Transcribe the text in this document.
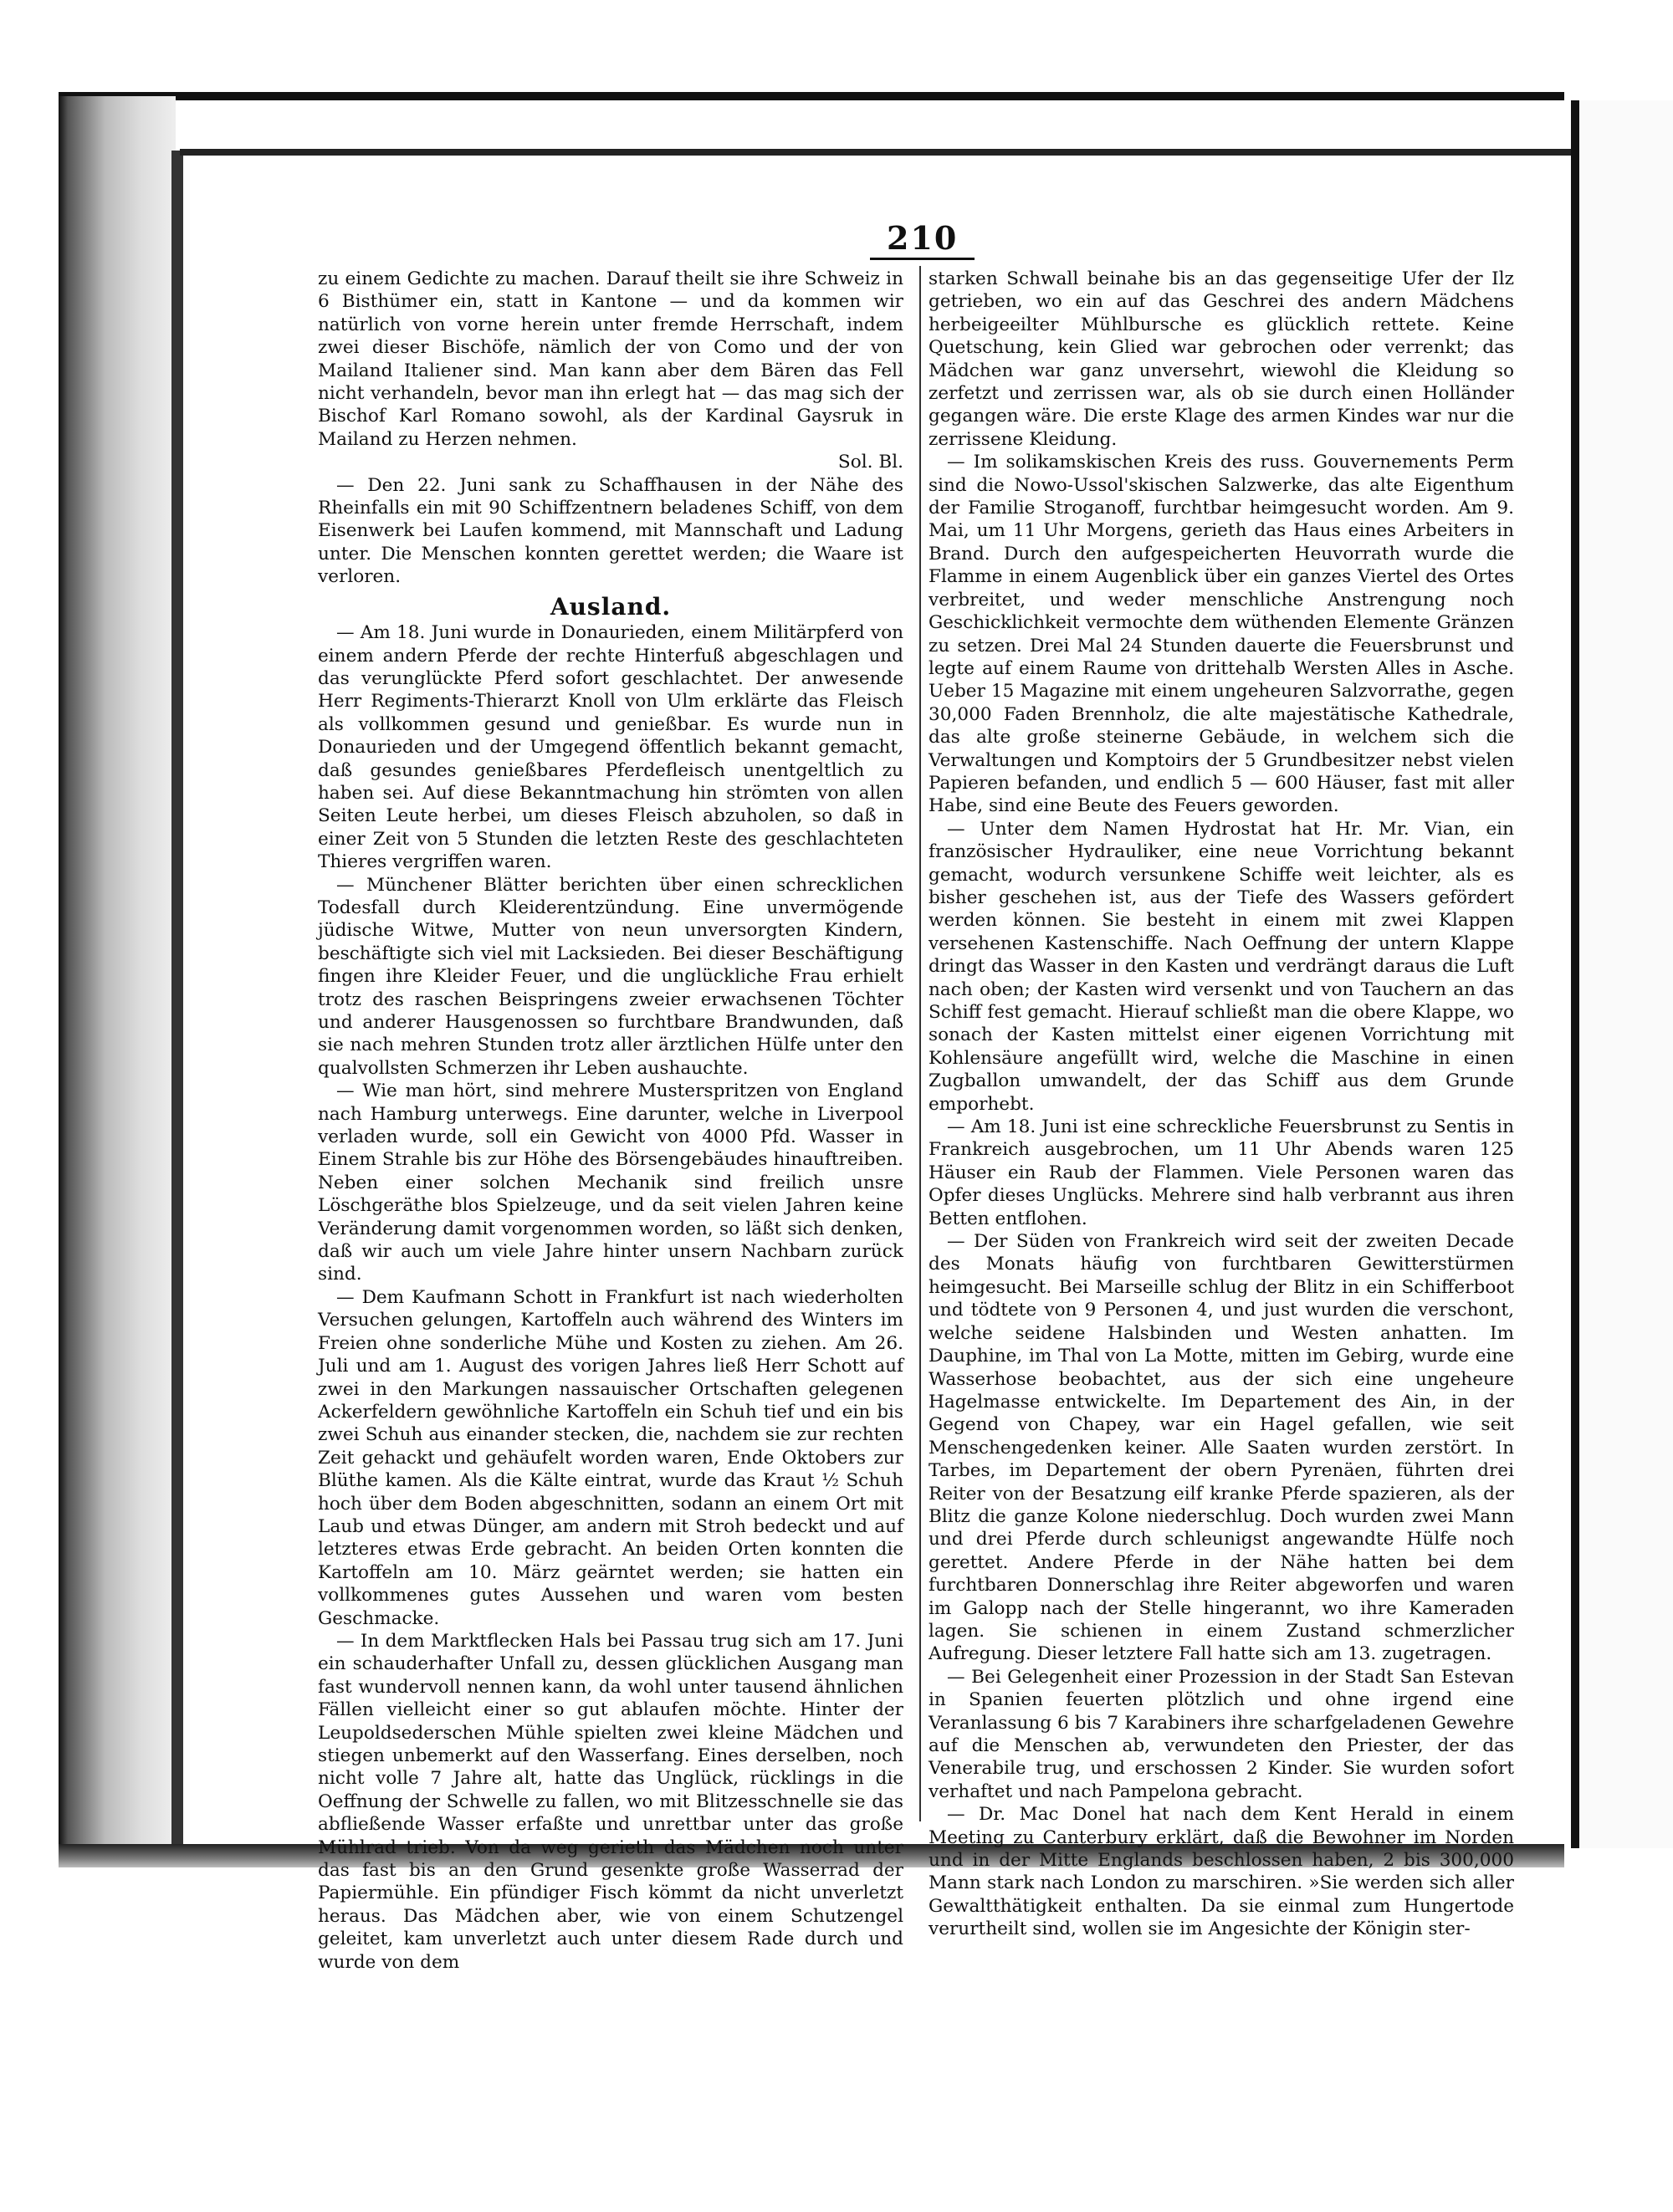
210

zu einem Gedichte zu machen. Darauf theilt sie ihre Schweiz in 6 Bisthümer ein, statt in Kantone — und da kommen wir natürlich von vorne herein unter fremde Herrschaft, indem zwei dieser Bischöfe, nämlich der von Como und der von Mailand Italiener sind. Man kann aber dem Bären das Fell nicht verhandeln, bevor man ihn erlegt hat — das mag sich der Bischof Karl Romano sowohl, als der Kardinal Gaysruk in Mailand zu Herzen nehmen.

Sol. Bl.

— Den 22. Juni sank zu Schaffhausen in der Nähe des Rheinfalls ein mit 90 Schiffzentnern beladenes Schiff, von dem Eisenwerk bei Laufen kommend, mit Mannschaft und Ladung unter. Die Menschen konnten gerettet werden; die Waare ist verloren.

Ausland.

— Am 18. Juni wurde in Donaurieden, einem Militärpferd von einem andern Pferde der rechte Hinterfuß abgeschlagen und das verunglückte Pferd sofort geschlachtet. Der anwesende Herr Regiments-Thierarzt Knoll von Ulm erklärte das Fleisch als vollkommen gesund und genießbar. Es wurde nun in Donaurieden und der Umgegend öffentlich bekannt gemacht, daß gesundes genießbares Pferdefleisch unentgeltlich zu haben sei. Auf diese Bekanntmachung hin strömten von allen Seiten Leute herbei, um dieses Fleisch abzuholen, so daß in einer Zeit von 5 Stunden die letzten Reste des geschlachteten Thieres vergriffen waren.

— Münchener Blätter berichten über einen schrecklichen Todesfall durch Kleiderentzündung. Eine unvermögende jüdische Witwe, Mutter von neun unversorgten Kindern, beschäftigte sich viel mit Lacksieden. Bei dieser Beschäftigung fingen ihre Kleider Feuer, und die unglückliche Frau erhielt trotz des raschen Beispringens zweier erwachsenen Töchter und anderer Hausgenossen so furchtbare Brandwunden, daß sie nach mehren Stunden trotz aller ärztlichen Hülfe unter den qualvollsten Schmerzen ihr Leben aushauchte.

— Wie man hört, sind mehrere Musterspritzen von England nach Hamburg unterwegs. Eine darunter, welche in Liverpool verladen wurde, soll ein Gewicht von 4000 Pfd. Wasser in Einem Strahle bis zur Höhe des Börsengebäudes hinauftreiben. Neben einer solchen Mechanik sind freilich unsre Löschgeräthe blos Spielzeuge, und da seit vielen Jahren keine Veränderung damit vorgenommen worden, so läßt sich denken, daß wir auch um viele Jahre hinter unsern Nachbarn zurück sind.

— Dem Kaufmann Schott in Frankfurt ist nach wiederholten Versuchen gelungen, Kartoffeln auch während des Winters im Freien ohne sonderliche Mühe und Kosten zu ziehen. Am 26. Juli und am 1. August des vorigen Jahres ließ Herr Schott auf zwei in den Markungen nassauischer Ortschaften gelegenen Ackerfeldern gewöhnliche Kartoffeln ein Schuh tief und ein bis zwei Schuh aus einander stecken, die, nachdem sie zur rechten Zeit gehackt und gehäufelt worden waren, Ende Oktobers zur Blüthe kamen. Als die Kälte eintrat, wurde das Kraut ½ Schuh hoch über dem Boden abgeschnitten, sodann an einem Ort mit Laub und etwas Dünger, am andern mit Stroh bedeckt und auf letzteres etwas Erde gebracht. An beiden Orten konnten die Kartoffeln am 10. März geärntet werden; sie hatten ein vollkommenes gutes Aussehen und waren vom besten Geschmacke.

— In dem Marktflecken Hals bei Passau trug sich am 17. Juni ein schauderhafter Unfall zu, dessen glücklichen Ausgang man fast wundervoll nennen kann, da wohl unter tausend ähnlichen Fällen vielleicht einer so gut ablaufen möchte. Hinter der Leupoldsederschen Mühle spielten zwei kleine Mädchen und stiegen unbemerkt auf den Wasserfang. Eines derselben, noch nicht volle 7 Jahre alt, hatte das Unglück, rücklings in die Oeffnung der Schwelle zu fallen, wo mit Blitzesschnelle sie das abfließende Wasser erfaßte und unrettbar unter das große Mühlrad trieb. Von da weg gerieth das Mädchen noch unter das fast bis an den Grund gesenkte große Wasserrad der Papiermühle. Ein pfündiger Fisch kömmt da nicht unverletzt heraus. Das Mädchen aber, wie von einem Schutzengel geleitet, kam unverletzt auch unter diesem Rade durch und wurde von dem

starken Schwall beinahe bis an das gegenseitige Ufer der Ilz getrieben, wo ein auf das Geschrei des andern Mädchens herbeigeeilter Mühlbursche es glücklich rettete. Keine Quetschung, kein Glied war gebrochen oder verrenkt; das Mädchen war ganz unversehrt, wiewohl die Kleidung so zerfetzt und zerrissen war, als ob sie durch einen Holländer gegangen wäre. Die erste Klage des armen Kindes war nur die zerrissene Kleidung.

— Im solikamskischen Kreis des russ. Gouvernements Perm sind die Nowo-Ussol'skischen Salzwerke, das alte Eigenthum der Familie Stroganoff, furchtbar heimgesucht worden. Am 9. Mai, um 11 Uhr Morgens, gerieth das Haus eines Arbeiters in Brand. Durch den aufgespeicherten Heuvorrath wurde die Flamme in einem Augenblick über ein ganzes Viertel des Ortes verbreitet, und weder menschliche Anstrengung noch Geschicklichkeit vermochte dem wüthenden Elemente Gränzen zu setzen. Drei Mal 24 Stunden dauerte die Feuersbrunst und legte auf einem Raume von drittehalb Wersten Alles in Asche. Ueber 15 Magazine mit einem ungeheuren Salzvorrathe, gegen 30,000 Faden Brennholz, die alte majestätische Kathedrale, das alte große steinerne Gebäude, in welchem sich die Verwaltungen und Komptoirs der 5 Grundbesitzer nebst vielen Papieren befanden, und endlich 5 — 600 Häuser, fast mit aller Habe, sind eine Beute des Feuers geworden.

— Unter dem Namen Hydrostat hat Hr. Mr. Vian, ein französischer Hydrauliker, eine neue Vorrichtung bekannt gemacht, wodurch versunkene Schiffe weit leichter, als es bisher geschehen ist, aus der Tiefe des Wassers gefördert werden können. Sie besteht in einem mit zwei Klappen versehenen Kastenschiffe. Nach Oeffnung der untern Klappe dringt das Wasser in den Kasten und verdrängt daraus die Luft nach oben; der Kasten wird versenkt und von Tauchern an das Schiff fest gemacht. Hierauf schließt man die obere Klappe, wo sonach der Kasten mittelst einer eigenen Vorrichtung mit Kohlensäure angefüllt wird, welche die Maschine in einen Zugballon umwandelt, der das Schiff aus dem Grunde emporhebt.

— Am 18. Juni ist eine schreckliche Feuersbrunst zu Sentis in Frankreich ausgebrochen, um 11 Uhr Abends waren 125 Häuser ein Raub der Flammen. Viele Personen waren das Opfer dieses Unglücks. Mehrere sind halb verbrannt aus ihren Betten entflohen.

— Der Süden von Frankreich wird seit der zweiten Decade des Monats häufig von furchtbaren Gewitterstürmen heimgesucht. Bei Marseille schlug der Blitz in ein Schifferboot und tödtete von 9 Personen 4, und just wurden die verschont, welche seidene Halsbinden und Westen anhatten. Im Dauphine, im Thal von La Motte, mitten im Gebirg, wurde eine Wasserhose beobachtet, aus der sich eine ungeheure Hagelmasse entwickelte. Im Departement des Ain, in der Gegend von Chapey, war ein Hagel gefallen, wie seit Menschengedenken keiner. Alle Saaten wurden zerstört. In Tarbes, im Departement der obern Pyrenäen, führten drei Reiter von der Besatzung eilf kranke Pferde spazieren, als der Blitz die ganze Kolone niederschlug. Doch wurden zwei Mann und drei Pferde durch schleunigst angewandte Hülfe noch gerettet. Andere Pferde in der Nähe hatten bei dem furchtbaren Donnerschlag ihre Reiter abgeworfen und waren im Galopp nach der Stelle hingerannt, wo ihre Kameraden lagen. Sie schienen in einem Zustand schmerzlicher Aufregung. Dieser letztere Fall hatte sich am 13. zugetragen.

— Bei Gelegenheit einer Prozession in der Stadt San Estevan in Spanien feuerten plötzlich und ohne irgend eine Veranlassung 6 bis 7 Karabiners ihre scharfgeladenen Gewehre auf die Menschen ab, verwundeten den Priester, der das Venerabile trug, und erschossen 2 Kinder. Sie wurden sofort verhaftet und nach Pampelona gebracht.

— Dr. Mac Donel hat nach dem Kent Herald in einem Meeting zu Canterbury erklärt, daß die Bewohner im Norden und in der Mitte Englands beschlossen haben, 2 bis 300,000 Mann stark nach London zu marschiren. »Sie werden sich aller Gewaltthätigkeit enthalten. Da sie einmal zum Hungertode verurtheilt sind, wollen sie im Angesichte der Königin ster-
